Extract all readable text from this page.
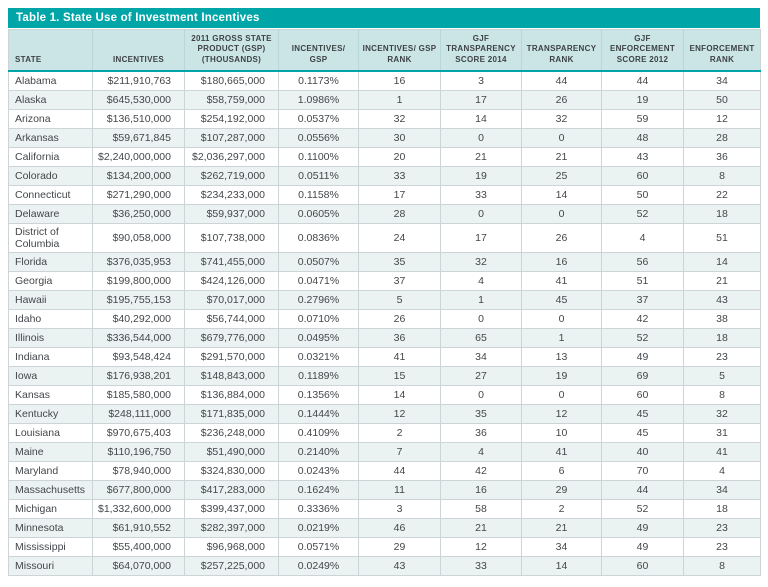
Table 1. State Use of Investment Incentives
STATE	INCENTIVES	2011 GROSS STATE PRODUCT (GSP) (THOUSANDS)	INCENTIVES/ GSP	INCENTIVES/ GSP RANK	GJF TRANSPARENCY SCORE 2014	TRANSPARENCY RANK	GJF ENFORCEMENT SCORE 2012	ENFORCEMENT RANK
Alabama	$211,910,763	$180,665,000	0.1173%	16	3	44	44	34
Alaska	$645,530,000	$58,759,000	1.0986%	1	17	26	19	50
Arizona	$136,510,000	$254,192,000	0.0537%	32	14	32	59	12
Arkansas	$59,671,845	$107,287,000	0.0556%	30	0	0	48	28
California	$2,240,000,000	$2,036,297,000	0.1100%	20	21	21	43	36
Colorado	$134,200,000	$262,719,000	0.0511%	33	19	25	60	8
Connecticut	$271,290,000	$234,233,000	0.1158%	17	33	14	50	22
Delaware	$36,250,000	$59,937,000	0.0605%	28	0	0	52	18
District of Columbia	$90,058,000	$107,738,000	0.0836%	24	17	26	4	51
Florida	$376,035,953	$741,455,000	0.0507%	35	32	16	56	14
Georgia	$199,800,000	$424,126,000	0.0471%	37	4	41	51	21
Hawaii	$195,755,153	$70,017,000	0.2796%	5	1	45	37	43
Idaho	$40,292,000	$56,744,000	0.0710%	26	0	0	42	38
Illinois	$336,544,000	$679,776,000	0.0495%	36	65	1	52	18
Indiana	$93,548,424	$291,570,000	0.0321%	41	34	13	49	23
Iowa	$176,938,201	$148,843,000	0.1189%	15	27	19	69	5
Kansas	$185,580,000	$136,884,000	0.1356%	14	0	0	60	8
Kentucky	$248,111,000	$171,835,000	0.1444%	12	35	12	45	32
Louisiana	$970,675,403	$236,248,000	0.4109%	2	36	10	45	31
Maine	$110,196,750	$51,490,000	0.2140%	7	4	41	40	41
Maryland	$78,940,000	$324,830,000	0.0243%	44	42	6	70	4
Massachusetts	$677,800,000	$417,283,000	0.1624%	11	16	29	44	34
Michigan	$1,332,600,000	$399,437,000	0.3336%	3	58	2	52	18
Minnesota	$61,910,552	$282,397,000	0.0219%	46	21	21	49	23
Mississippi	$55,400,000	$96,968,000	0.0571%	29	12	34	49	23
Missouri	$64,070,000	$257,225,000	0.0249%	43	33	14	60	8
